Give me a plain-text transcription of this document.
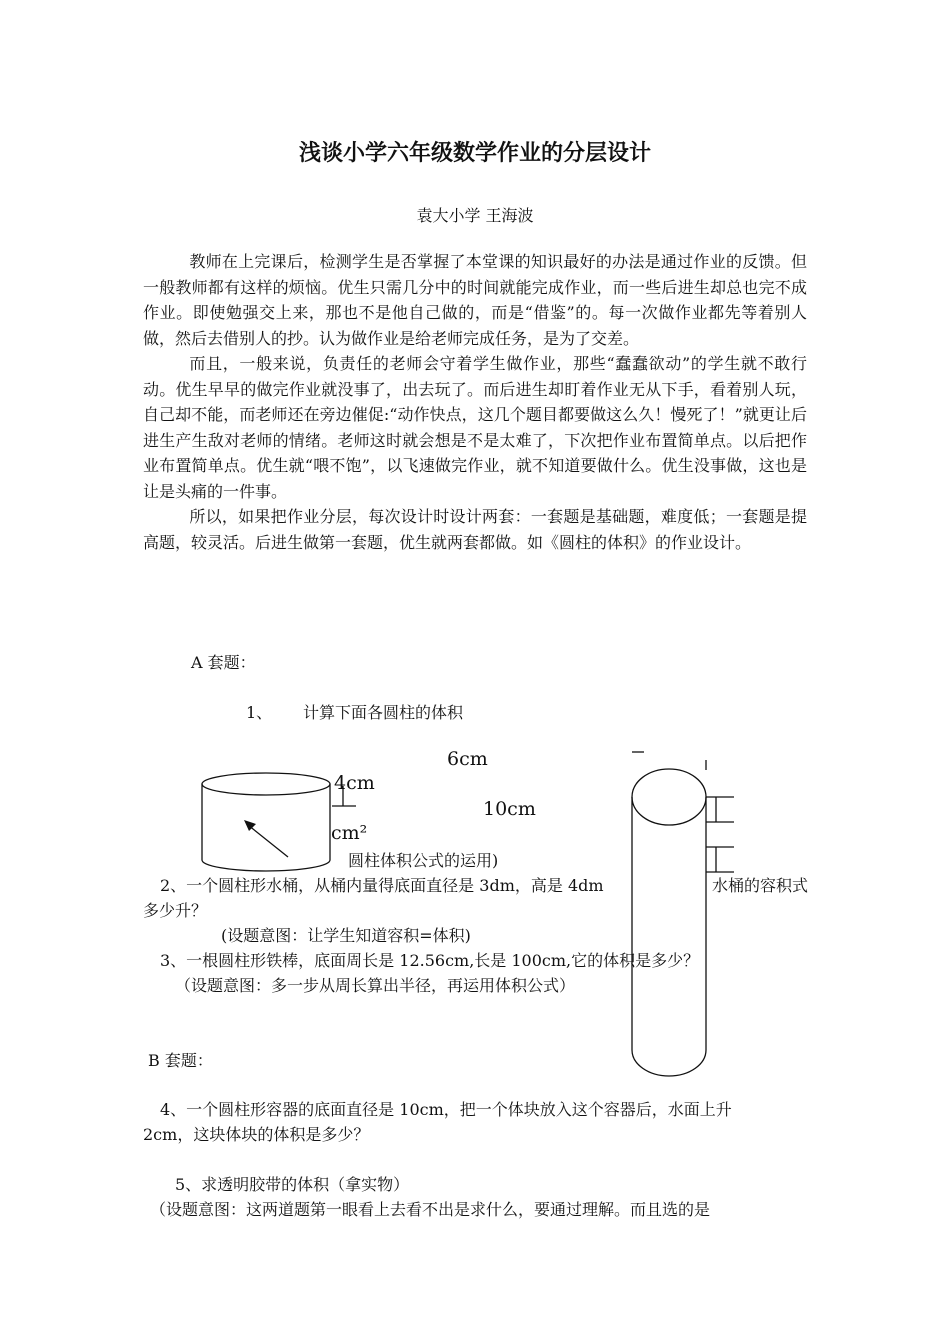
浅谈小学六年级数学作业的分层设计
袁大小学 王海波

教师在上完课后，检测学生是否掌握了本堂课的知识最好的办法是通过作业的反馈。但一般教师都有这样的烦恼。优生只需几分中的时间就能完成作业，而一些后进生却总也完不成作业。即使勉强交上来，那也不是他自己做的，而是“借鉴”的。每一次做作业都先等着别人做，然后去借别人的抄。认为做作业是给老师完成任务，是为了交差。

而且，一般来说，负责任的老师会守着学生做作业，那些“蠢蠢欲动”的学生就不敢行动。优生早早的做完作业就没事了，出去玩了。而后进生却盯着作业无从下手，看着别人玩，自己却不能，而老师还在旁边催促:“动作快点，这几个题目都要做这么久！慢死了！”就更让后进生产生敌对老师的情绪。老师这时就会想是不是太难了，下次把作业布置简单点。以后把作业布置简单点。优生就“喂不饱”，以飞速做完作业，就不知道要做什么。优生没事做，这也是让是头痛的一件事。

所以，如果把作业分层，每次设计时设计两套：一套题是基础题，难度低；一套题是提高题，较灵活。后进生做第一套题，优生就两套都做。如《圆柱的体积》的作业设计。

A 套题：
1、 计算下面各圆柱的体积
6cm
4cm
10cm
cm²
圆柱体积公式的运用)
2、一个圆柱形水桶，从桶内量得底面直径是 3dm，高是 4dm	水桶的容积式
多少升？
(设题意图：让学生知道容积=体积)
3、一根圆柱形铁棒，底面周长是 12.56cm,长是 100cm,它的体积是多少？
（设题意图：多一步从周长算出半径，再运用体积公式）
B 套题：
4、一个圆柱形容器的底面直径是 10cm，把一个体块放入这个容器后，水面上升
2cm，这块体块的体积是多少？
5、求透明胶带的体积（拿实物）
（设题意图：这两道题第一眼看上去看不出是求什么，要通过理解。而且选的是
